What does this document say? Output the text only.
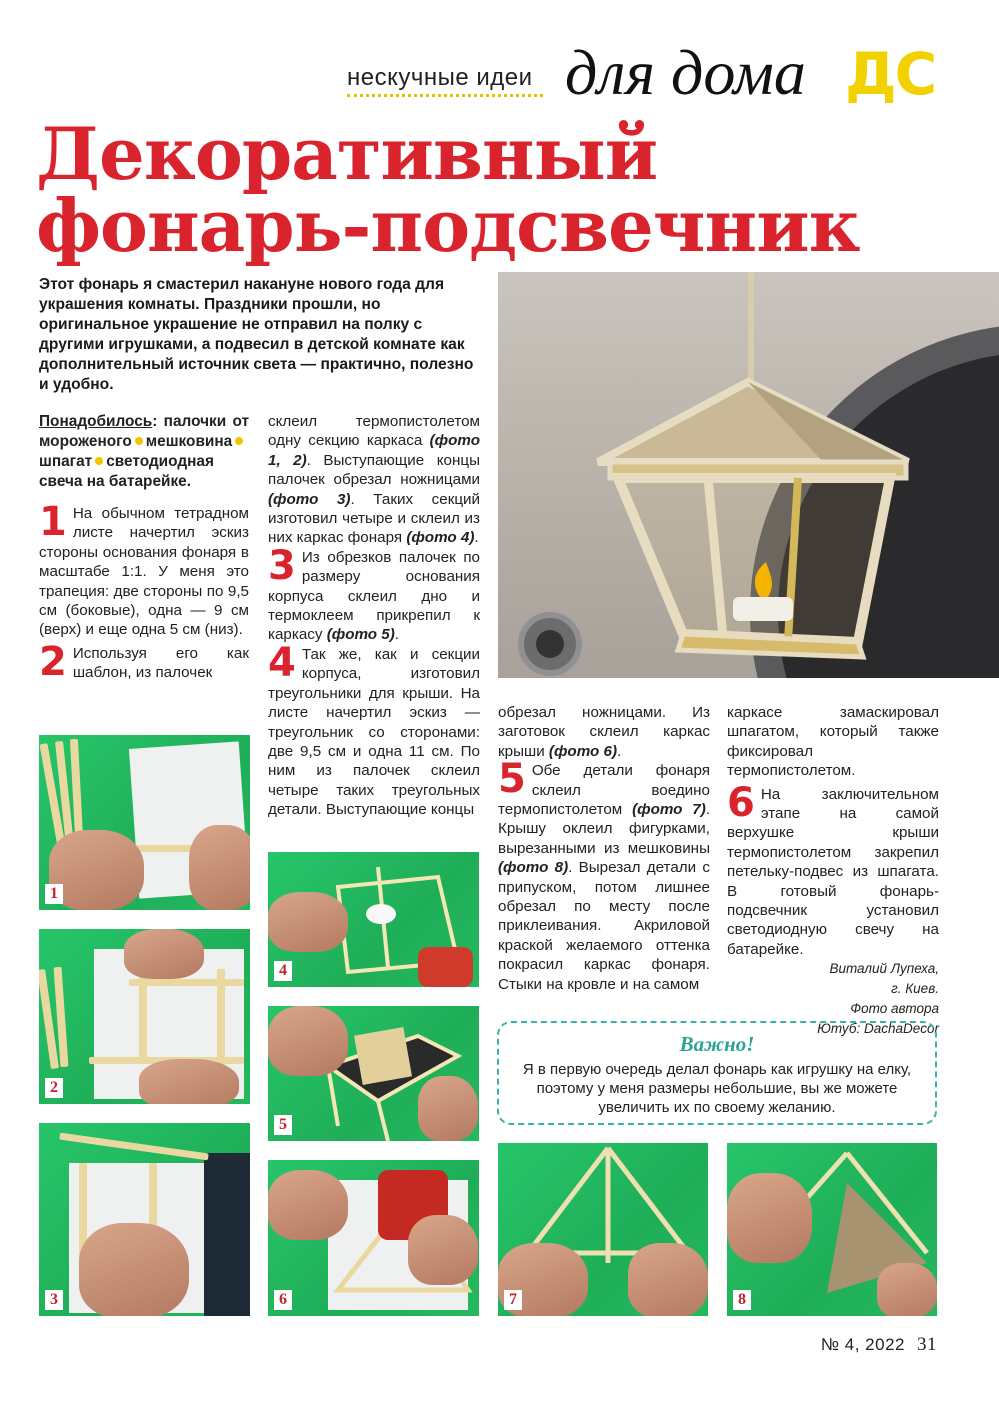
нескучные идеи для дома ДС
Декоративный
фонарь-подсвечник

Этот фонарь я смастерил накануне нового года для украшения комнаты. Праздники прошли, но оригинальное украшение не отправил на полку с другими игрушками, а подвесил в детской комнате как дополнительный источник света — практично, полезно и удобно.

Понадобилось: палочки от мороженого мешковинашпагат светодиодная свеча на батарейке.

1 На обычном тетрадном листе начертил эскиз стороны основания фонаря в масштабе 1:1. У меня это трапеция: две стороны по 9,5 см (боковые), одна — 9 см (верх) и еще одна 5 см (низ).

2 Используя его как шаблон, из палочек

склеил термопистолетом одну секцию каркаса (фото 1, 2). Выступающие концы палочек обрезал ножницами (фото 3). Таких секций изготовил четыре и склеил из них каркас фонаря (фото 4).

3 Из обрезков палочек по размеру основания корпуса склеил дно и термоклеем прикрепил к каркасу (фото 5).

4 Так же, как и секции корпуса, изготовил треугольники для крыши. На листе начертил эскиз — треугольник со сторонами: две 9,5 см и одна 11 см. По ним из палочек склеил четыре таких треугольных детали. Выступающие концы

обрезал ножницами. Из заготовок склеил каркас крыши (фото 6).

5 Обе детали фонаря склеил воедино термопистолетом (фото 7). Крышу оклеил фигурками, вырезанными из мешковины (фото 8). Вырезал детали с припуском, потом лишнее обрезал по месту после приклеивания. Акриловой краской желаемого оттенка покрасил каркас фонаря. Стыки на кровле и на самом

каркасе замаскировал шпагатом, который также фиксировал термопистолетом.

6 На заключительном этапе на самой верхушке крыши термопистолетом закрепил петельку-подвес из шпагата. В готовый фонарь-подсвечник установил светодиодную свечу на батарейке.

Виталий Лупеха,
г. Киев.
Фото автора
Ютуб: DachaDecor

Важно!
Я в первую очередь делал фонарь как игрушку на елку, поэтому у меня размеры небольшие, вы же можете увеличить их по своему желанию.
1
2
3
4
5
6	7	8
№ 4, 2022 31
